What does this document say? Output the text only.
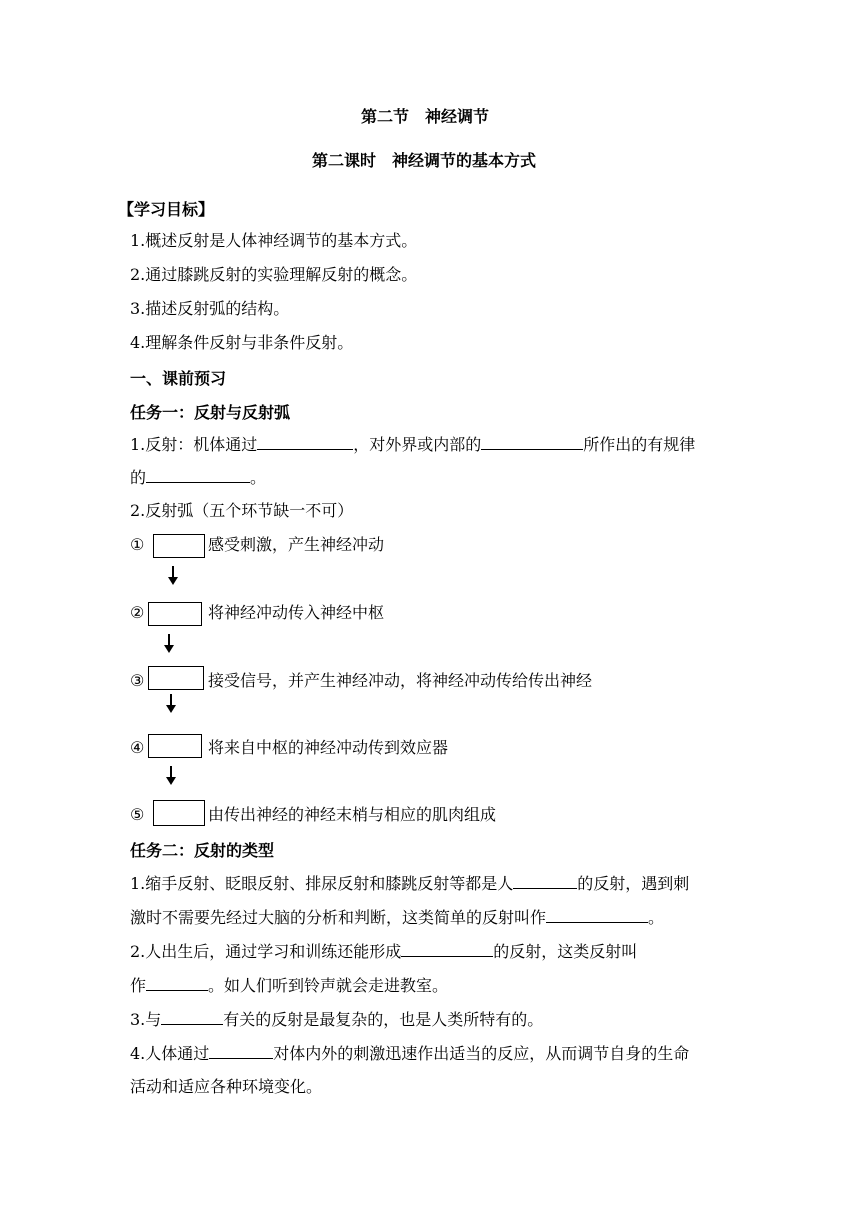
第二节 神经调节
第二课时 神经调节的基本方式
【学习目标】
1.概述反射是人体神经调节的基本方式。
2.通过膝跳反射的实验理解反射的概念。
3.描述反射弧的结构。
4.理解条件反射与非条件反射。
一、课前预习
任务一：反射与反射弧
1.反射：机体通过	，对外界或内部的	所作出的有规律
的	。
2.反射弧（五个环节缺一不可）
①	感受刺激，产生神经冲动
②	将神经冲动传入神经中枢
③	接受信号，并产生神经冲动，将神经冲动传给传出神经
④	将来自中枢的神经冲动传到效应器
⑤	由传出神经的神经末梢与相应的肌肉组成
任务二：反射的类型
1.缩手反射、眨眼反射、排尿反射和膝跳反射等都是人	的反射，遇到刺
激时不需要先经过大脑的分析和判断，这类简单的反射叫作	。
2.人出生后，通过学习和训练还能形成	的反射，这类反射叫
作	。如人们听到铃声就会走进教室。
3.与	有关的反射是最复杂的，也是人类所特有的。
4.人体通过	对体内外的刺激迅速作出适当的反应，从而调节自身的生命
活动和适应各种环境变化。
